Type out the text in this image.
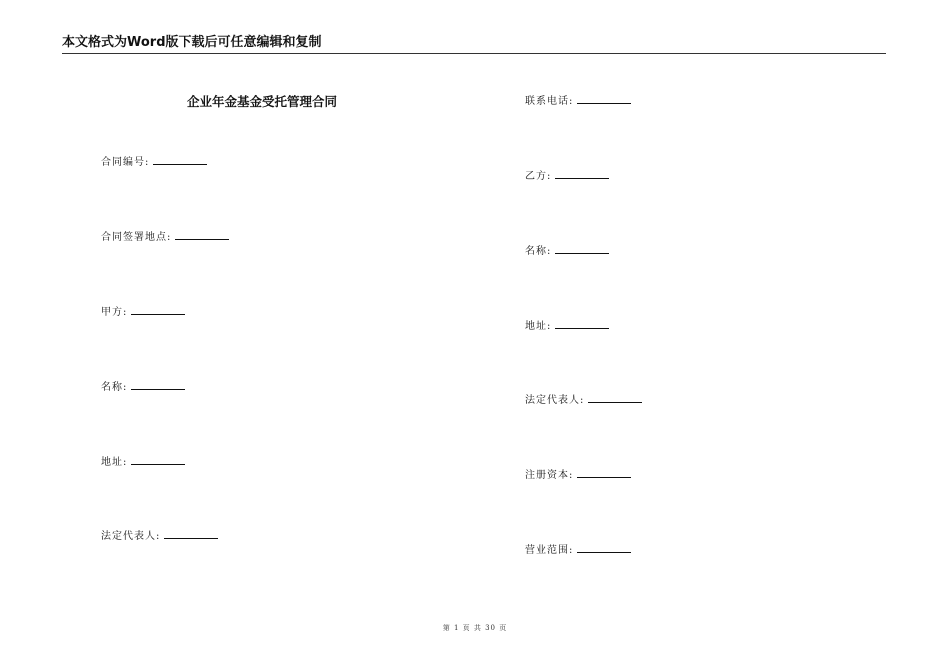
本文格式为Word版下载后可任意编辑和复制
企业年金基金受托管理合同
合同编号:
合同签署地点:
甲方:
名称:
地址:
法定代表人:
联系电话:
乙方:
名称:
地址:
法定代表人:
注册资本:
营业范围:
第 1 页 共 30 页
